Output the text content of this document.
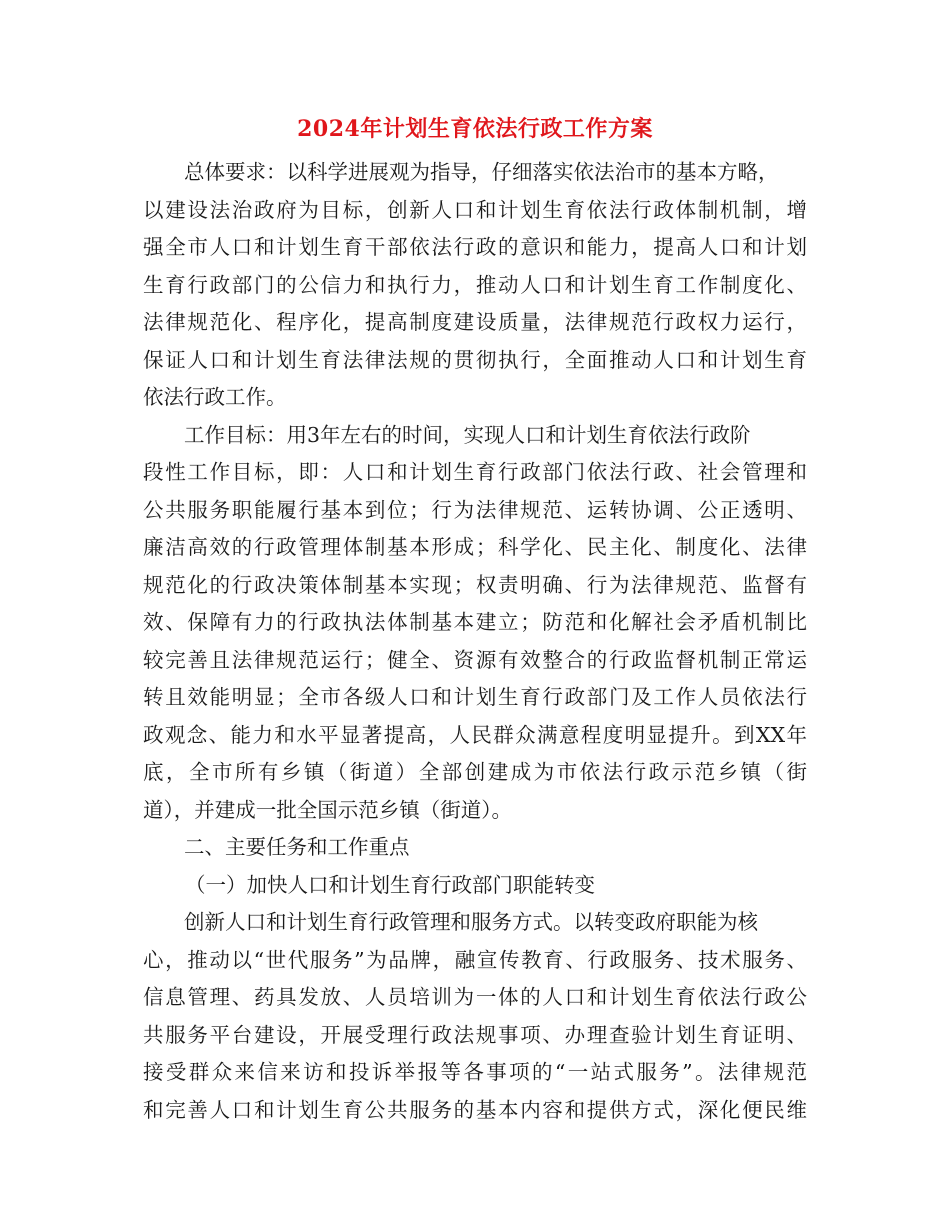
2024年计划生育依法行政工作方案
总体要求：以科学进展观为指导，仔细落实依法治市的基本方略，
以建设法治政府为目标，创新人口和计划生育依法行政体制机制，增
强全市人口和计划生育干部依法行政的意识和能力，提高人口和计划
生育行政部门的公信力和执行力，推动人口和计划生育工作制度化、
法律规范化、程序化，提高制度建设质量，法律规范行政权力运行，
保证人口和计划生育法律法规的贯彻执行，全面推动人口和计划生育
依法行政工作。
工作目标：用3年左右的时间，实现人口和计划生育依法行政阶
段性工作目标，即：人口和计划生育行政部门依法行政、社会管理和
公共服务职能履行基本到位；行为法律规范、运转协调、公正透明、
廉洁高效的行政管理体制基本形成；科学化、民主化、制度化、法律
规范化的行政决策体制基本实现；权责明确、行为法律规范、监督有
效、保障有力的行政执法体制基本建立；防范和化解社会矛盾机制比
较完善且法律规范运行；健全、资源有效整合的行政监督机制正常运
转且效能明显；全市各级人口和计划生育行政部门及工作人员依法行
政观念、能力和水平显著提高，人民群众满意程度明显提升。到XX年
底，全市所有乡镇（街道）全部创建成为市依法行政示范乡镇（街
道），并建成一批全国示范乡镇（街道）。
二、主要任务和工作重点
（一）加快人口和计划生育行政部门职能转变
创新人口和计划生育行政管理和服务方式。以转变政府职能为核
心，推动以“世代服务”为品牌，融宣传教育、行政服务、技术服务、
信息管理、药具发放、人员培训为一体的人口和计划生育依法行政公
共服务平台建设，开展受理行政法规事项、办理查验计划生育证明、
接受群众来信来访和投诉举报等各事项的“一站式服务”。法律规范
和完善人口和计划生育公共服务的基本内容和提供方式，深化便民维
